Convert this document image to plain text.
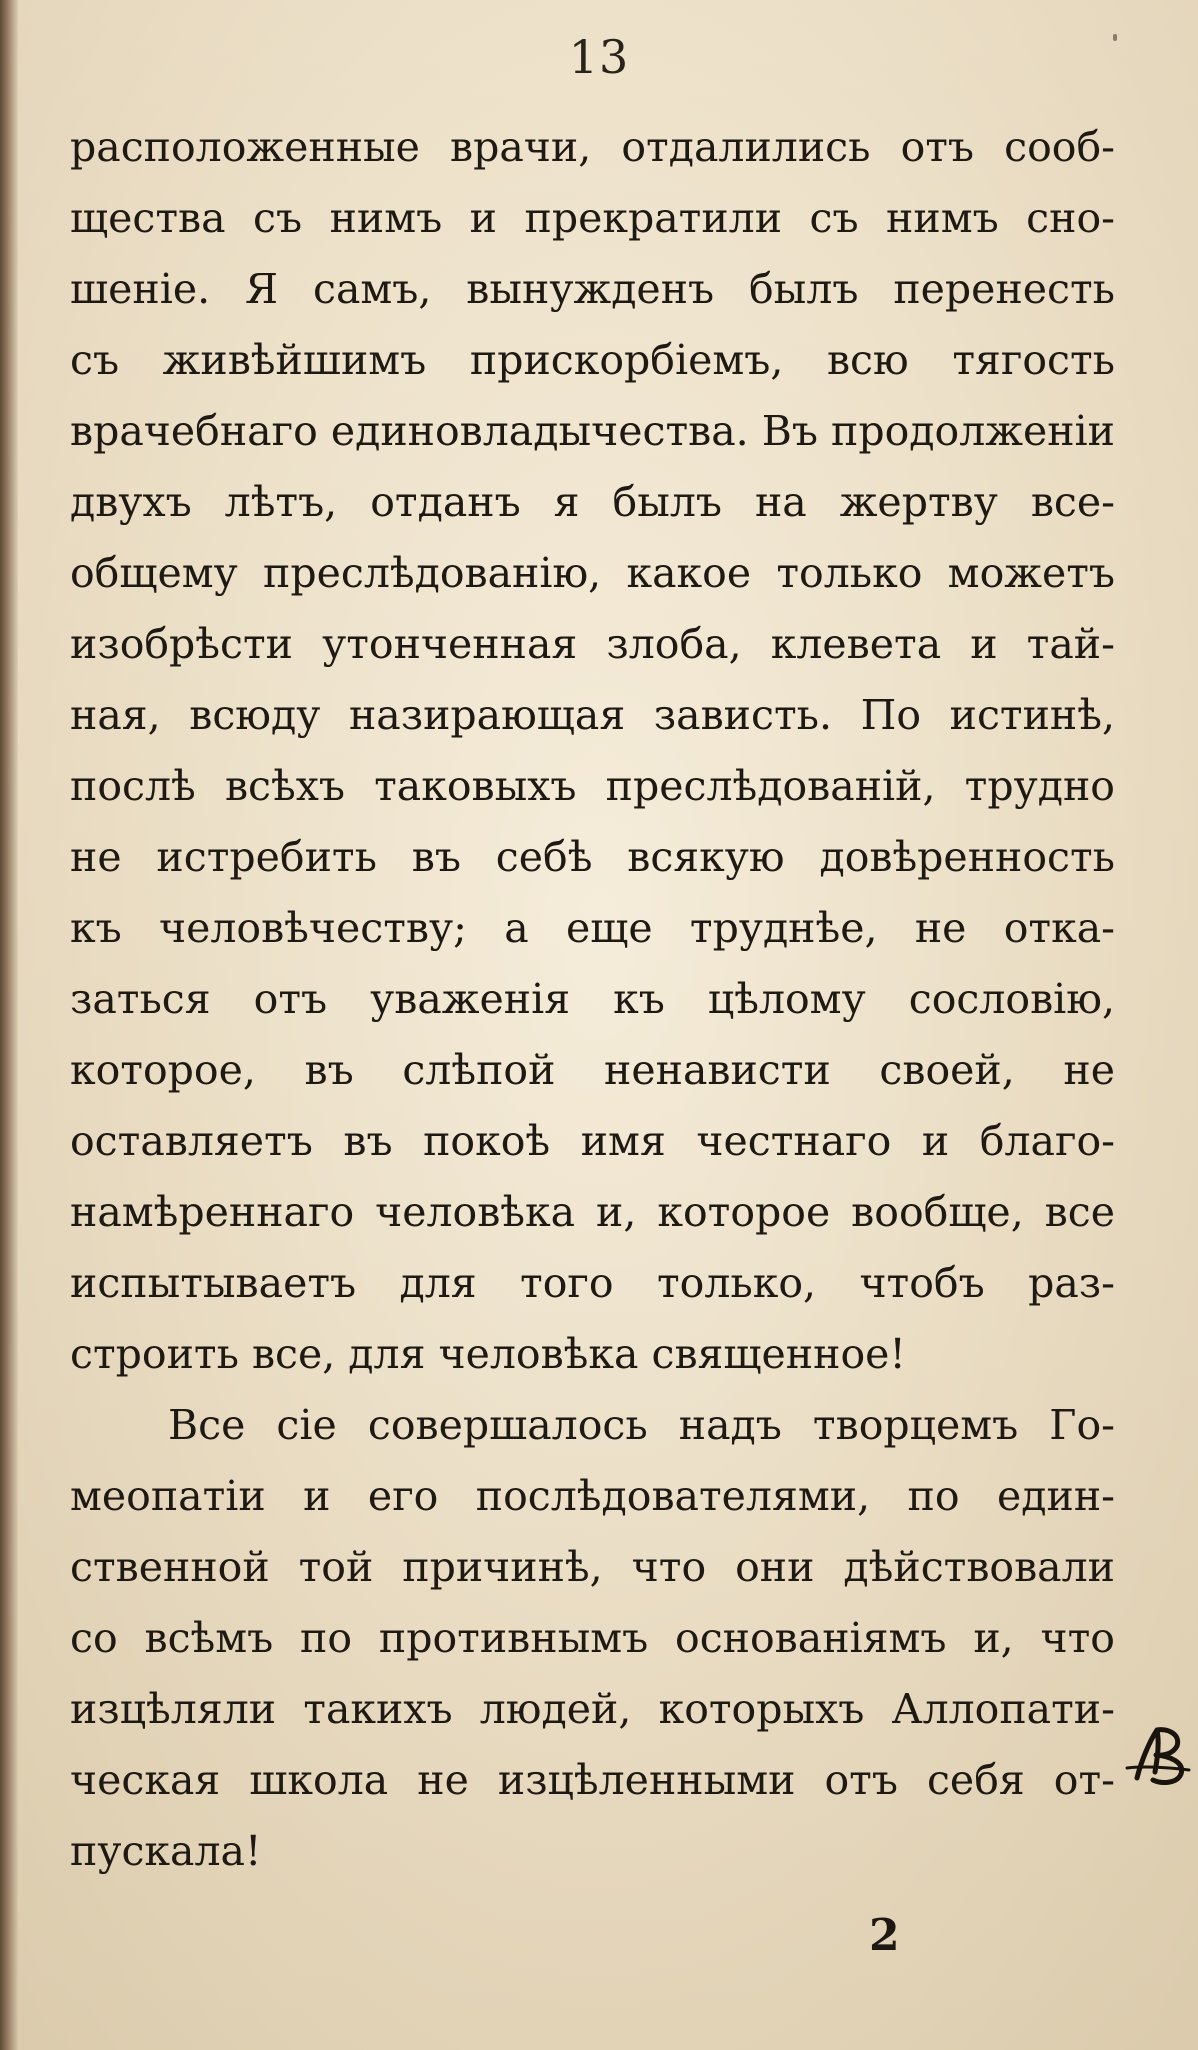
13
расположенные врачи, отдалились отъ сооб-
щества съ нимъ и прекратили съ нимъ сно-
шеніе. Я самъ, вынужденъ былъ перенесть
съ живѣйшимъ прискорбіемъ, всю тягость
врачебнаго единовладычества. Въ продолженіи
двухъ лѣтъ, отданъ я былъ на жертву все-
общему преслѣдованію, какое только можетъ
изобрѣсти утонченная злоба, клевета и тай-
ная, всюду назирающая зависть. По истинѣ,
послѣ всѣхъ таковыхъ преслѣдованій, трудно
не истребить въ себѣ всякую довѣренность
къ человѣчеству; а еще труднѣе, не отка-
заться отъ уваженія къ цѣлому сословію,
которое, въ слѣпой ненависти своей, не
оставляетъ въ покоѣ имя честнаго и благо-
намѣреннаго человѣка и, которое вообще, все
испытываетъ для того только, чтобъ раз-
строить все, для человѣка священное!
Все сіе совершалось надъ творцемъ Го-
меопатіи и его послѣдователями, по един-
ственной той причинѣ, что они дѣйствовали
со всѣмъ по противнымъ основаніямъ и, что
изцѣляли такихъ людей, которыхъ Аллопати-
ческая школа не изцѣленными отъ себя от-
пускала!
2
